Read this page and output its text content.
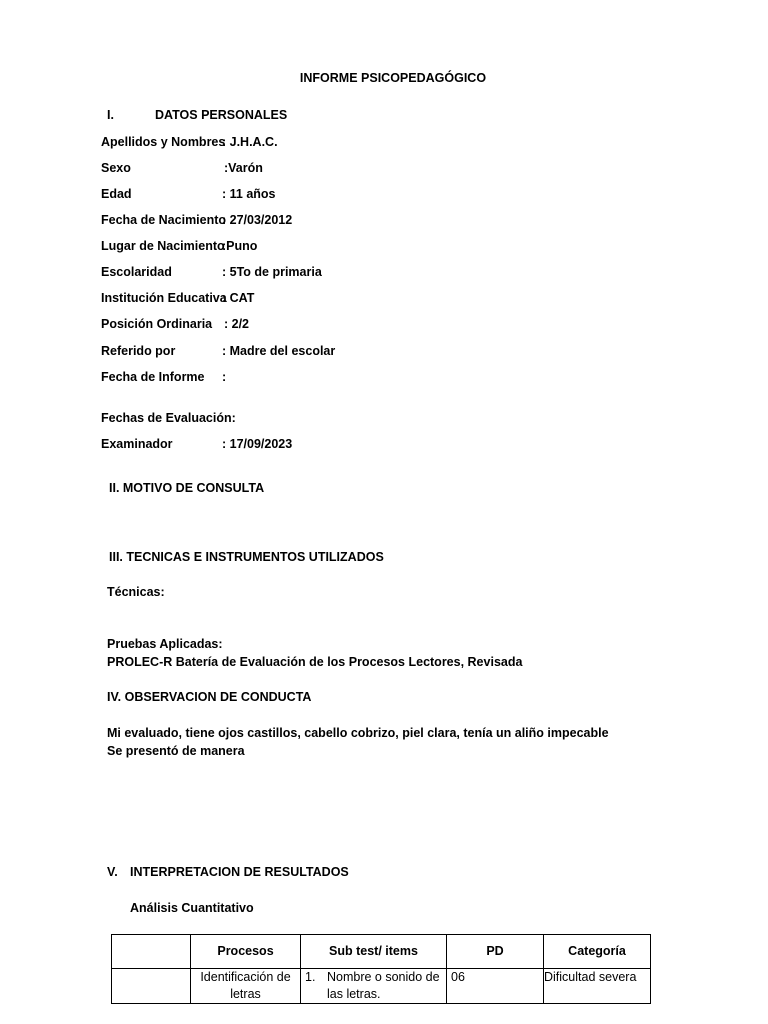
INFORME PSICOPEDAGÓGICO
I.	DATOS PERSONALES
Apellidos y Nombres
: J.H.A.C.
Sexo	:Varón
Edad	: 11 años
Fecha de Nacimiento
: 27/03/2012
Lugar de Nacimiento
:Puno
Escolaridad	: 5To de primaria
Institución Educativa
: CAT
Posición Ordinaria : 2/2
Referido por	: Madre del escolar
Fecha de Informe :
Fechas de Evaluación:
Examinador	: 17/09/2023
II. MOTIVO DE CONSULTA
III. TECNICAS E INSTRUMENTOS UTILIZADOS
Técnicas:
Pruebas Aplicadas:
PROLEC-R Batería de Evaluación de los Procesos Lectores, Revisada
IV. OBSERVACION DE CONDUCTA
Mi evaluado, tiene ojos castillos, cabello cobrizo, piel clara, tenía un aliño impecable
Se presentó de manera
V. INTERPRETACION DE RESULTADOS
Análisis Cuantitativo
	Procesos	Sub test/ items	PD	Categoría
	Identificación de letras	1. Nombre o sonido de las letras.	06	Dificultad severa
